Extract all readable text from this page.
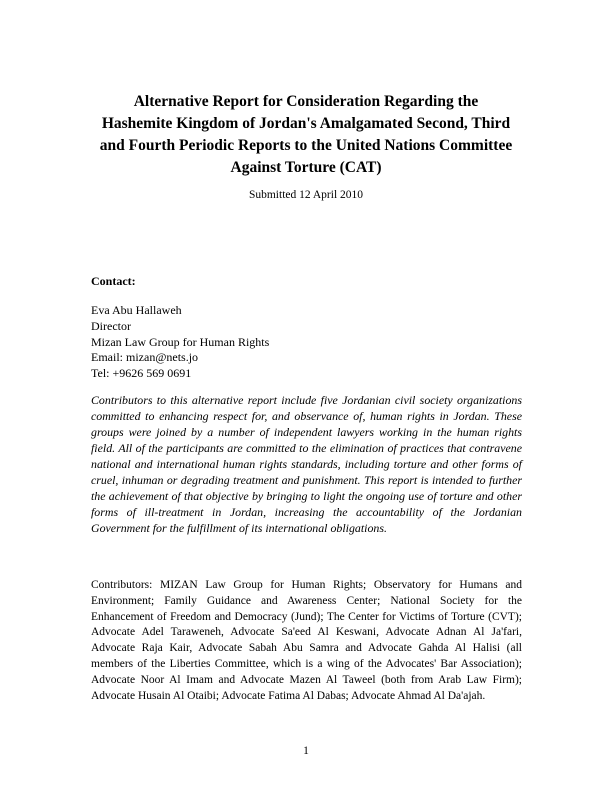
Alternative Report for Consideration Regarding the
Hashemite Kingdom of Jordan's Amalgamated Second, Third
and Fourth Periodic Reports to the United Nations Committee
Against Torture (CAT)
Submitted 12 April 2010
Contact:
Eva Abu Hallaweh
Director
Mizan Law Group for Human Rights
Email: mizan@nets.jo
Tel: +9626 569 0691

Contributors to this alternative report include five Jordanian civil society organizations committed to enhancing respect for, and observance of, human rights in Jordan. These groups were joined by a number of independent lawyers working in the human rights field. All of the participants are committed to the elimination of practices that contravene national and international human rights standards, including torture and other forms of cruel, inhuman or degrading treatment and punishment. This report is intended to further the achievement of that objective by bringing to light the ongoing use of torture and other forms of ill-treatment in Jordan, increasing the accountability of the Jordanian Government for the fulfillment of its international obligations.

Contributors: MIZAN Law Group for Human Rights; Observatory for Humans and Environment; Family Guidance and Awareness Center; National Society for the Enhancement of Freedom and Democracy (Jund); The Center for Victims of Torture (CVT); Advocate Adel Taraweneh, Advocate Sa'eed Al Keswani, Advocate Adnan Al Ja'fari, Advocate Raja Kair, Advocate Sabah Abu Samra and Advocate Gahda Al Halisi (all members of the Liberties Committee, which is a wing of the Advocates' Bar Association); Advocate Noor Al Imam and Advocate Mazen Al Taweel (both from Arab Law Firm); Advocate Husain Al Otaibi; Advocate Fatima Al Dabas; Advocate Ahmad Al Da'ajah.

1
